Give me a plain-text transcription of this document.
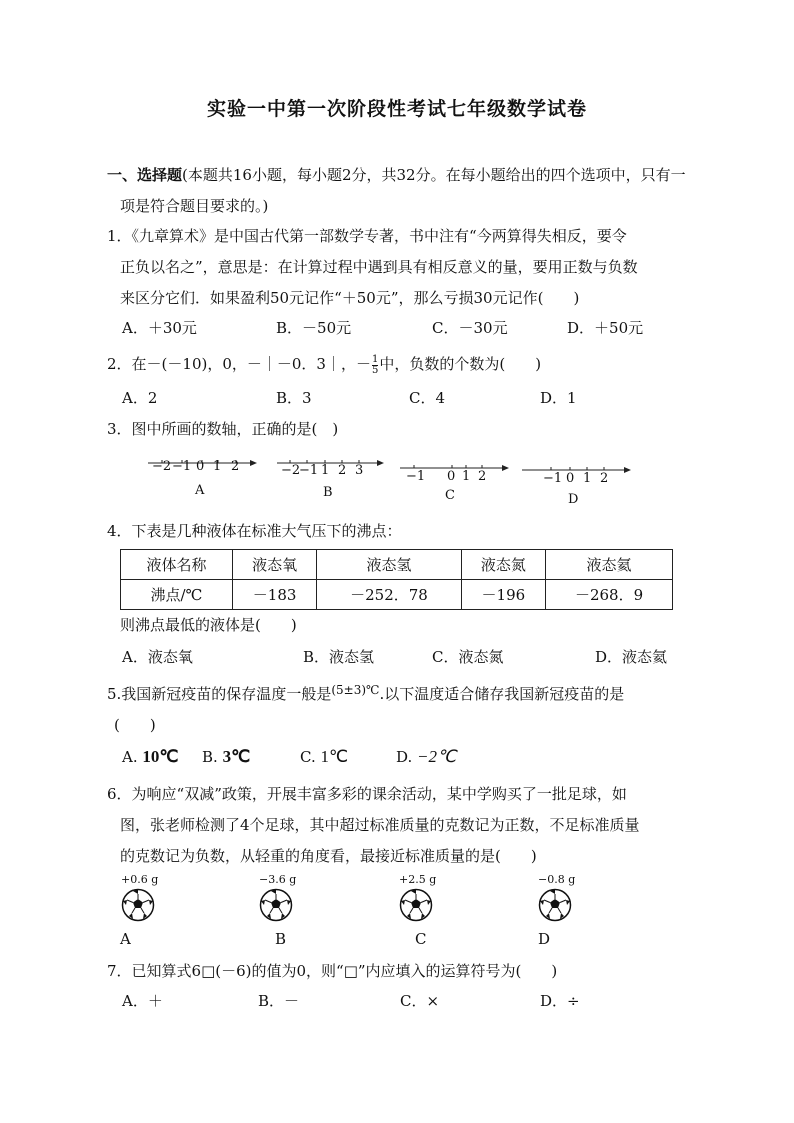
实验一中第一次阶段性考试七年级数学试卷
一、选择题(本题共16小题，每小题2分，共32分。在每小题给出的四个选项中，只有一
项是符合题目要求的。)
1．《九章算术》是中国古代第一部数学专著，书中注有“今两算得失相反，要令
正负以名之”，意思是：在计算过程中遇到具有相反意义的量，要用正数与负数
来区分它们．如果盈利50元记作“＋50元”，那么亏损30元记作(　　)
A．＋30元	B．－50元	C．－30元	D．＋50元
2．在－(－10)，0，－｜－0．3｜，－ $\frac{1}{5}$ 中，负数的个数为(　　)
A．2	B．3	C．4	D．1
3．图中所画的数轴，正确的是(　)
−2 −1 0 1 2
A
−2
−1 1 2 3
B
−1 0 1 2
C
−1 0 1 2
D
4．下表是几种液体在标准大气压下的沸点：
液体名称	液态氧	液态氢	液态氮	液态氦
沸点/℃	－183	－252．78	－196	－268．9
则沸点最低的液体是(　　)
A．液态氧	B．液态氢	C．液态氮	D．液态氦
5.我国新冠疫苗的保存温度一般是$^{(5\pm 3)℃}$.以下温度适合储存我国新冠疫苗的是
(　　)
A. 10℃ B. 3℃	C. 1℃	D. −2℃
6．为响应“双减”政策，开展丰富多彩的课余活动，某中学购买了一批足球，如
图，张老师检测了4个足球，其中超过标准质量的克数记为正数，不足标准质量
的克数记为负数，从轻重的角度看，最接近标准质量的是(　　)
+0.6 g	−3.6 g	+2.5 g	−0.8 g
A	B	C	D
7．已知算式6□(－6)的值为0，则“□”内应填入的运算符号为(　　)
A．＋	B．－	C．×	D．÷
